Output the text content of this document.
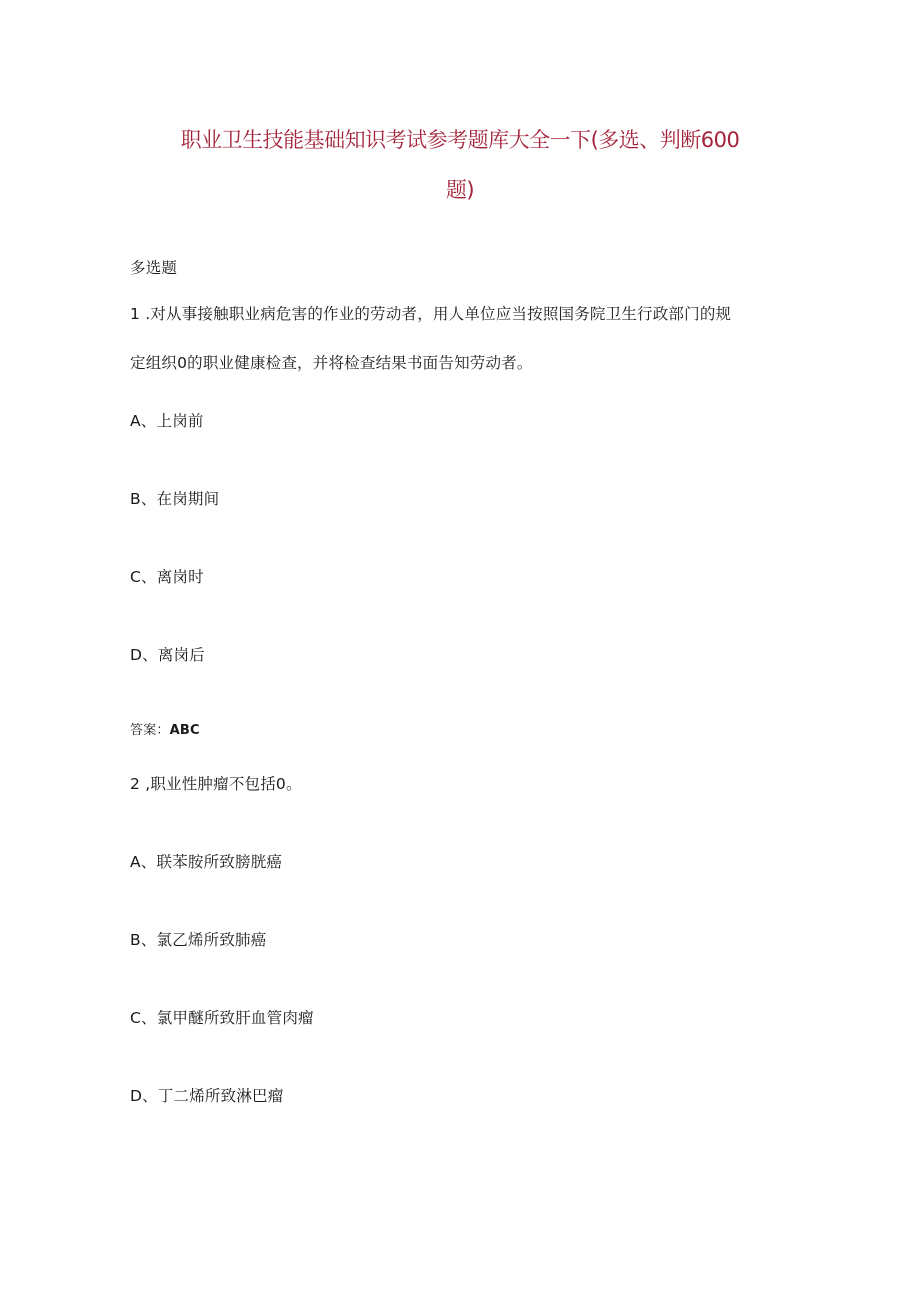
职业卫生技能基础知识考试参考题库大全一下(多选、判断600
题)
多选题
1 .对从事接触职业病危害的作业的劳动者，用人单位应当按照国务院卫生行政部门的规
定组织0的职业健康检查，并将检查结果书面告知劳动者。
A、上岗前
B、在岗期间
C、离岗时
D、离岗后
答案：ABC
2 ,职业性肿瘤不包括0。
A、联苯胺所致膀胱癌
B、氯乙烯所致肺癌
C、氯甲醚所致肝血管肉瘤
D、丁二烯所致淋巴瘤
